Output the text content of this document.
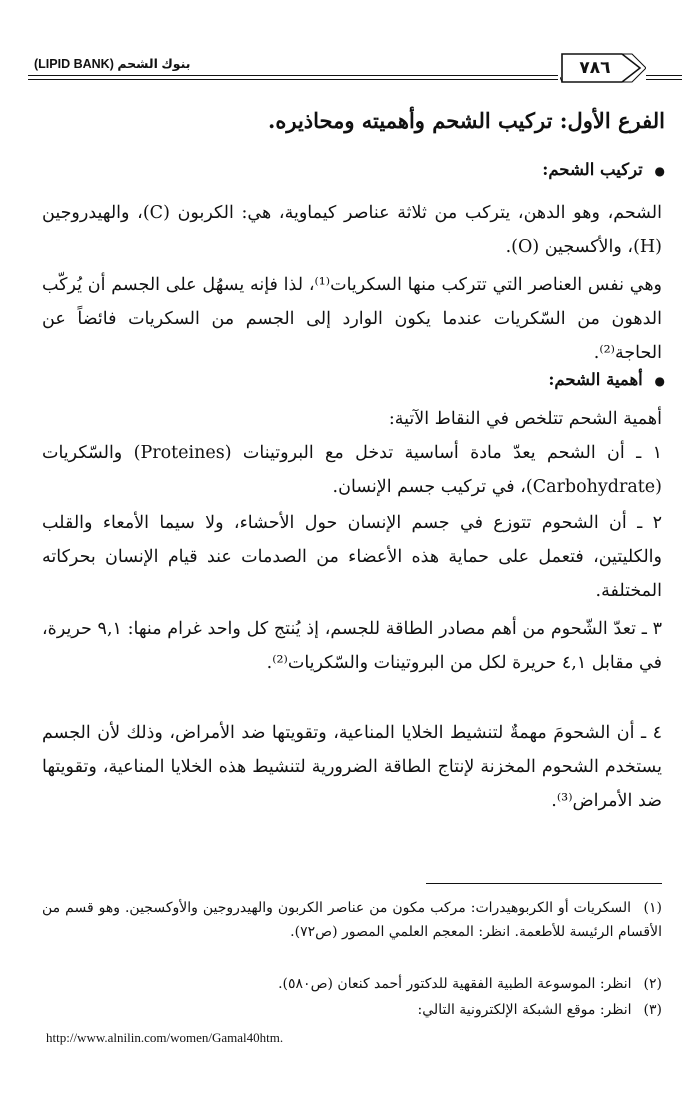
بنوك الشحم (LIPID BANK)	٧٨٦
الفرع الأول: تركيب الشحم وأهميته ومحاذيره.
● تركيب الشحم:
الشحم، وهو الدهن، يتركب من ثلاثة عناصر كيماوية، هي: الكربون (C)، والهيدروجين (H)، والأكسجين (O).
وهي نفس العناصر التي تتركب منها السكريات⁽¹⁾، لذا فإنه يسهُل على الجسم أن يُركّب الدهون من السّكريات عندما يكون الوارد إلى الجسم من السكريات فائضاً عن الحاجة⁽²⁾.
● أهمية الشحم:
أهمية الشحم تتلخص في النقاط الآتية:
١ ـ أن الشحم يعدّ مادة أساسية تدخل مع البروتينات (Proteines) والسّكريات (Carbohydrate)، في تركيب جسم الإنسان.
٢ ـ أن الشحوم تتوزع في جسم الإنسان حول الأحشاء، ولا سيما الأمعاء والقلب والكليتين، فتعمل على حماية هذه الأعضاء من الصدمات عند قيام الإنسان بحركاته المختلفة.
٣ ـ تعدّ الشّحوم من أهم مصادر الطاقة للجسم، إذ يُنتج كل واحد غرام منها: ٩,١ حريرة، في مقابل ٤,١ حريرة لكل من البروتينات والسّكريات⁽²⁾.
٤ ـ أن الشحومَ مهمةٌ لتنشيط الخلايا المناعية، وتقويتها ضد الأمراض، وذلك لأن الجسم يستخدم الشحوم المخزنة لإنتاج الطاقة الضرورية لتنشيط هذه الخلايا المناعية، وتقويتها ضد الأمراض⁽³⁾.
(١) السكريات أو الكربوهيدرات: مركب مكون من عناصر الكربون والهيدروجين والأوكسجين. وهو قسم من الأقسام الرئيسة للأطعمة. انظر: المعجم العلمي المصور (ص٧٢).
(٢) انظر: الموسوعة الطبية الفقهية للدكتور أحمد كنعان (ص٥٨٠).
(٣) انظر: موقع الشبكة الإلكترونية التالي:
http://www.alnilin.com/women/Gamal40htm.
